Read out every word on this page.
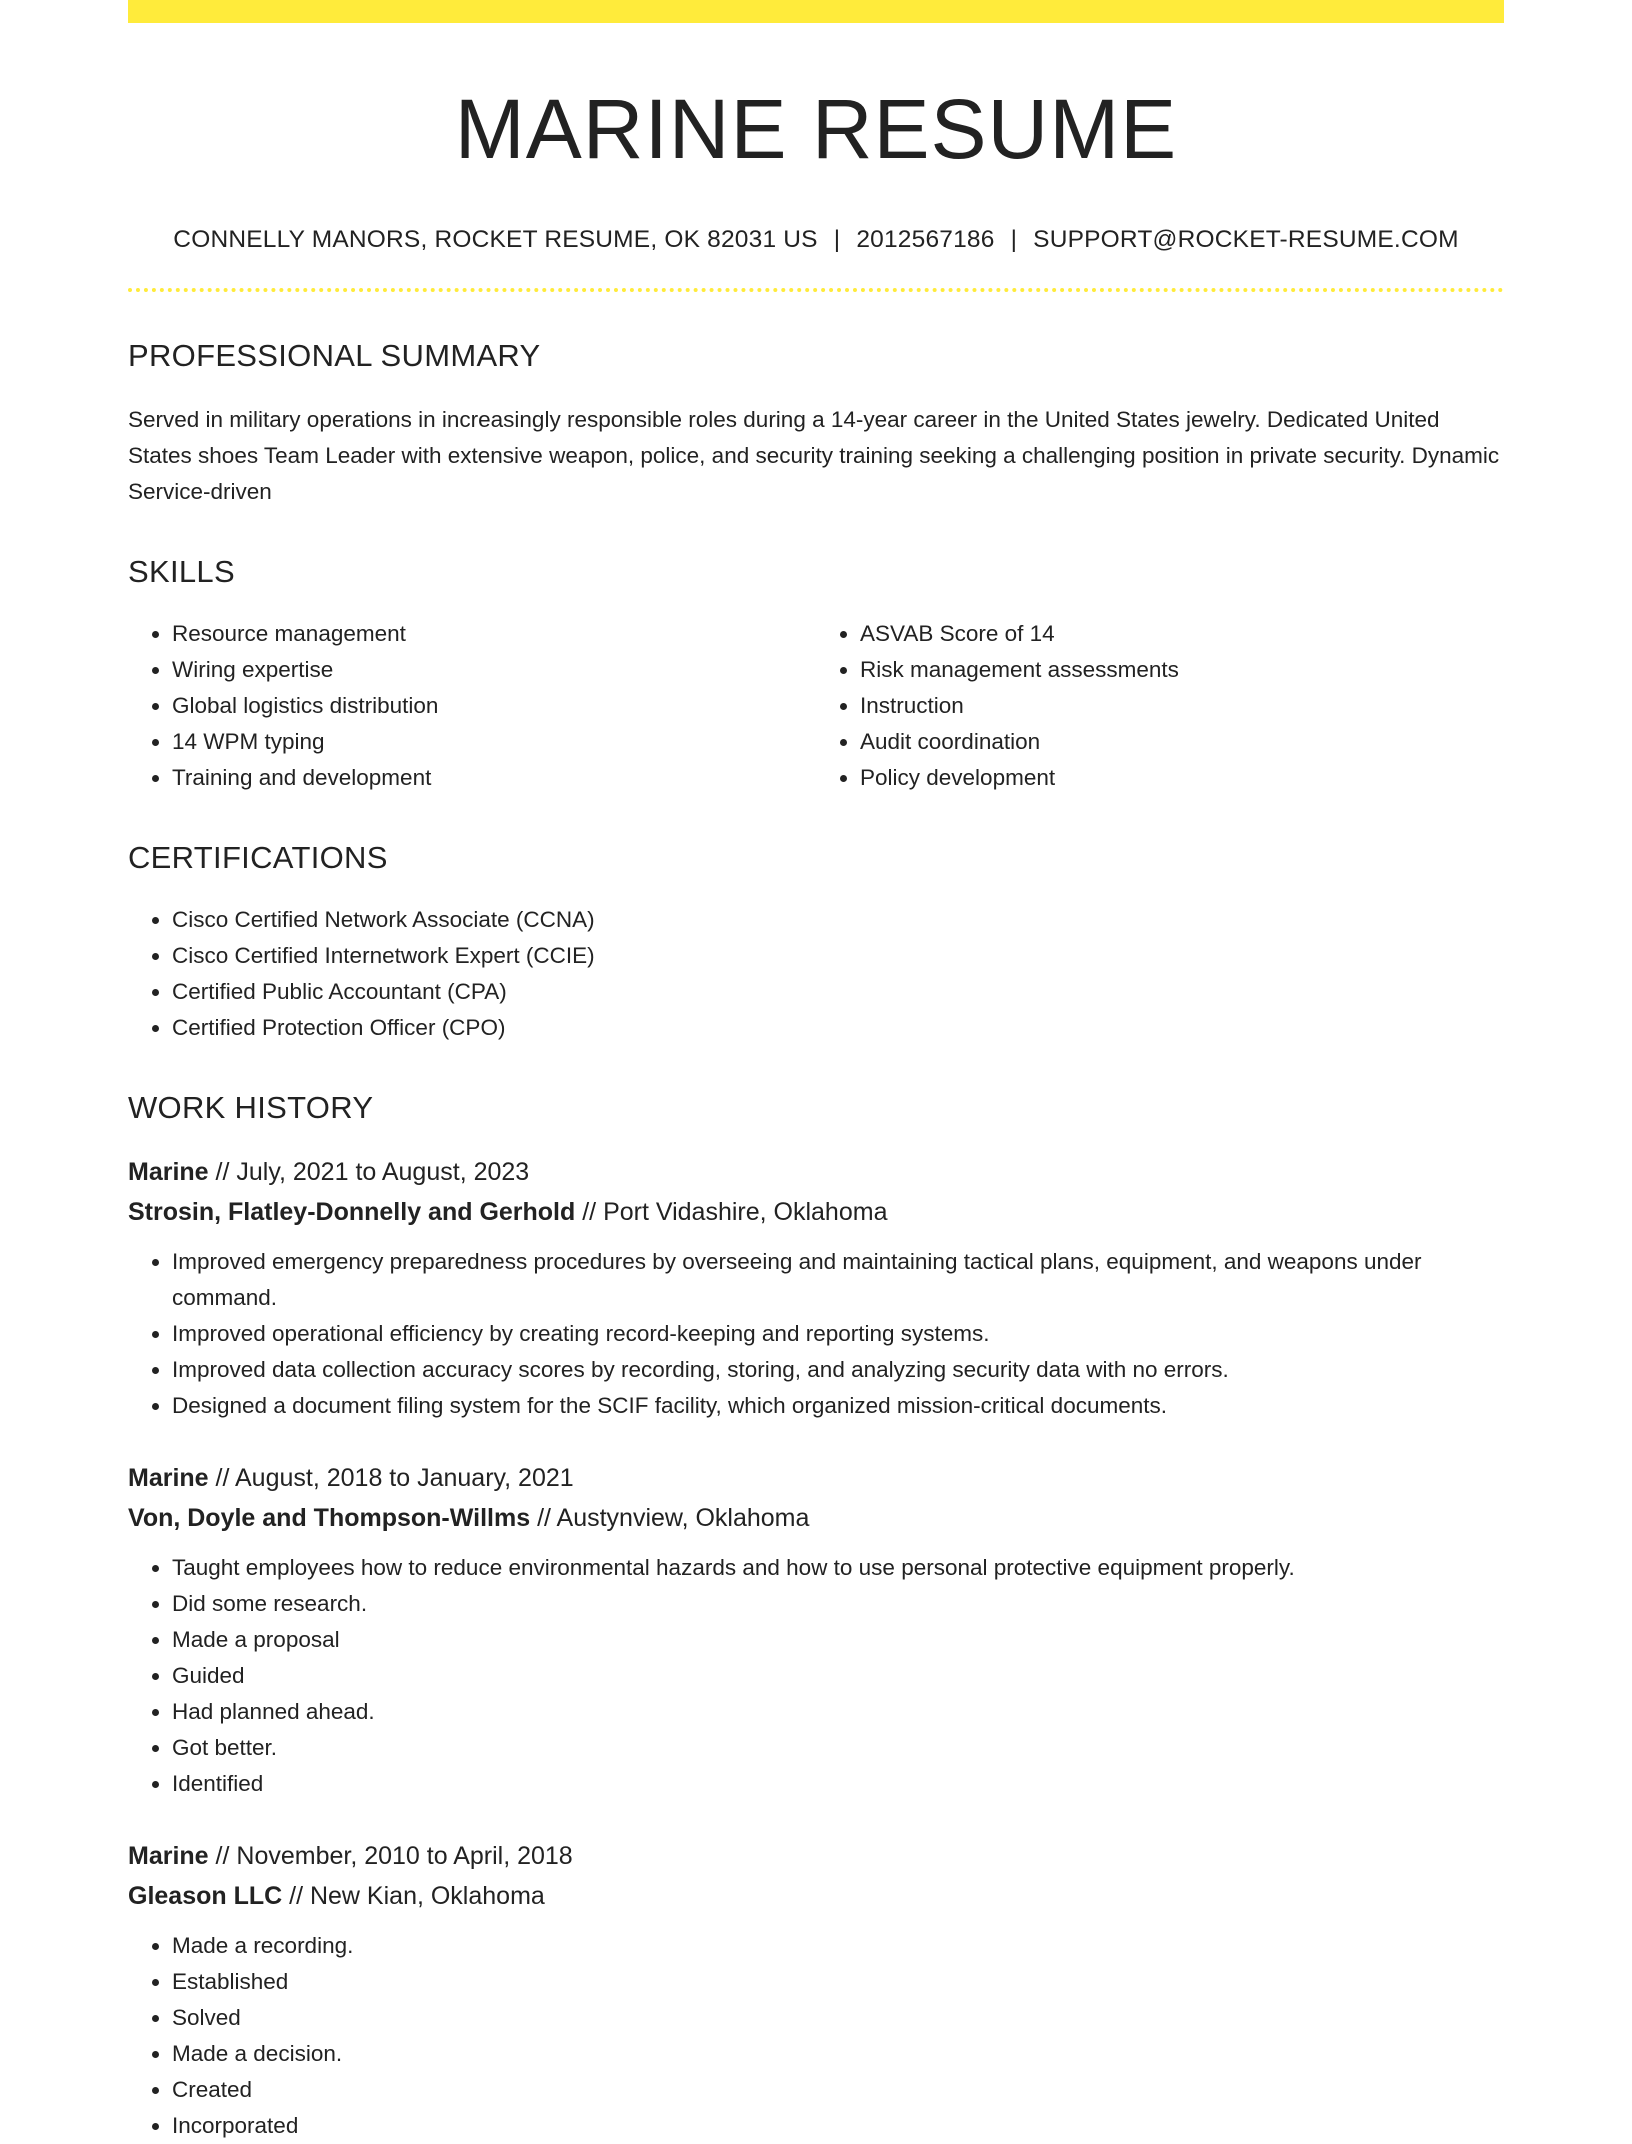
MARINE RESUME
CONNELLY MANORS, ROCKET RESUME, OK 82031 US | 2012567186 | SUPPORT@ROCKET-RESUME.COM
PROFESSIONAL SUMMARY

Served in military operations in increasingly responsible roles during a 14-year career in the United States jewelry. Dedicated United States shoes Team Leader with extensive weapon, police, and security training seeking a challenging position in private security. Dynamic Service-driven

SKILLS
• Resource management
• Wiring expertise
• Global logistics distribution
• 14 WPM typing
• Training and development
• ASVAB Score of 14
• Risk management assessments
• Instruction
• Audit coordination
• Policy development
CERTIFICATIONS
• Cisco Certified Network Associate (CCNA)
• Cisco Certified Internetwork Expert (CCIE)
• Certified Public Accountant (CPA)
• Certified Protection Officer (CPO)
WORK HISTORY
Marine // July, 2021 to August, 2023
Strosin, Flatley-Donnelly and Gerhold // Port Vidashire, Oklahoma
• Improved emergency preparedness procedures by overseeing and maintaining tactical plans, equipment, and weapons under command.
• Improved operational efficiency by creating record-keeping and reporting systems.
• Improved data collection accuracy scores by recording, storing, and analyzing security data with no errors.
• Designed a document filing system for the SCIF facility, which organized mission-critical documents.
Marine // August, 2018 to January, 2021
Von, Doyle and Thompson-Willms // Austynview, Oklahoma
• Taught employees how to reduce environmental hazards and how to use personal protective equipment properly.
• Did some research.
• Made a proposal
• Guided
• Had planned ahead.
• Got better.
• Identified
Marine // November, 2010 to April, 2018
Gleason LLC // New Kian, Oklahoma
• Made a recording.
• Established
• Solved
• Made a decision.
• Created
• Incorporated
